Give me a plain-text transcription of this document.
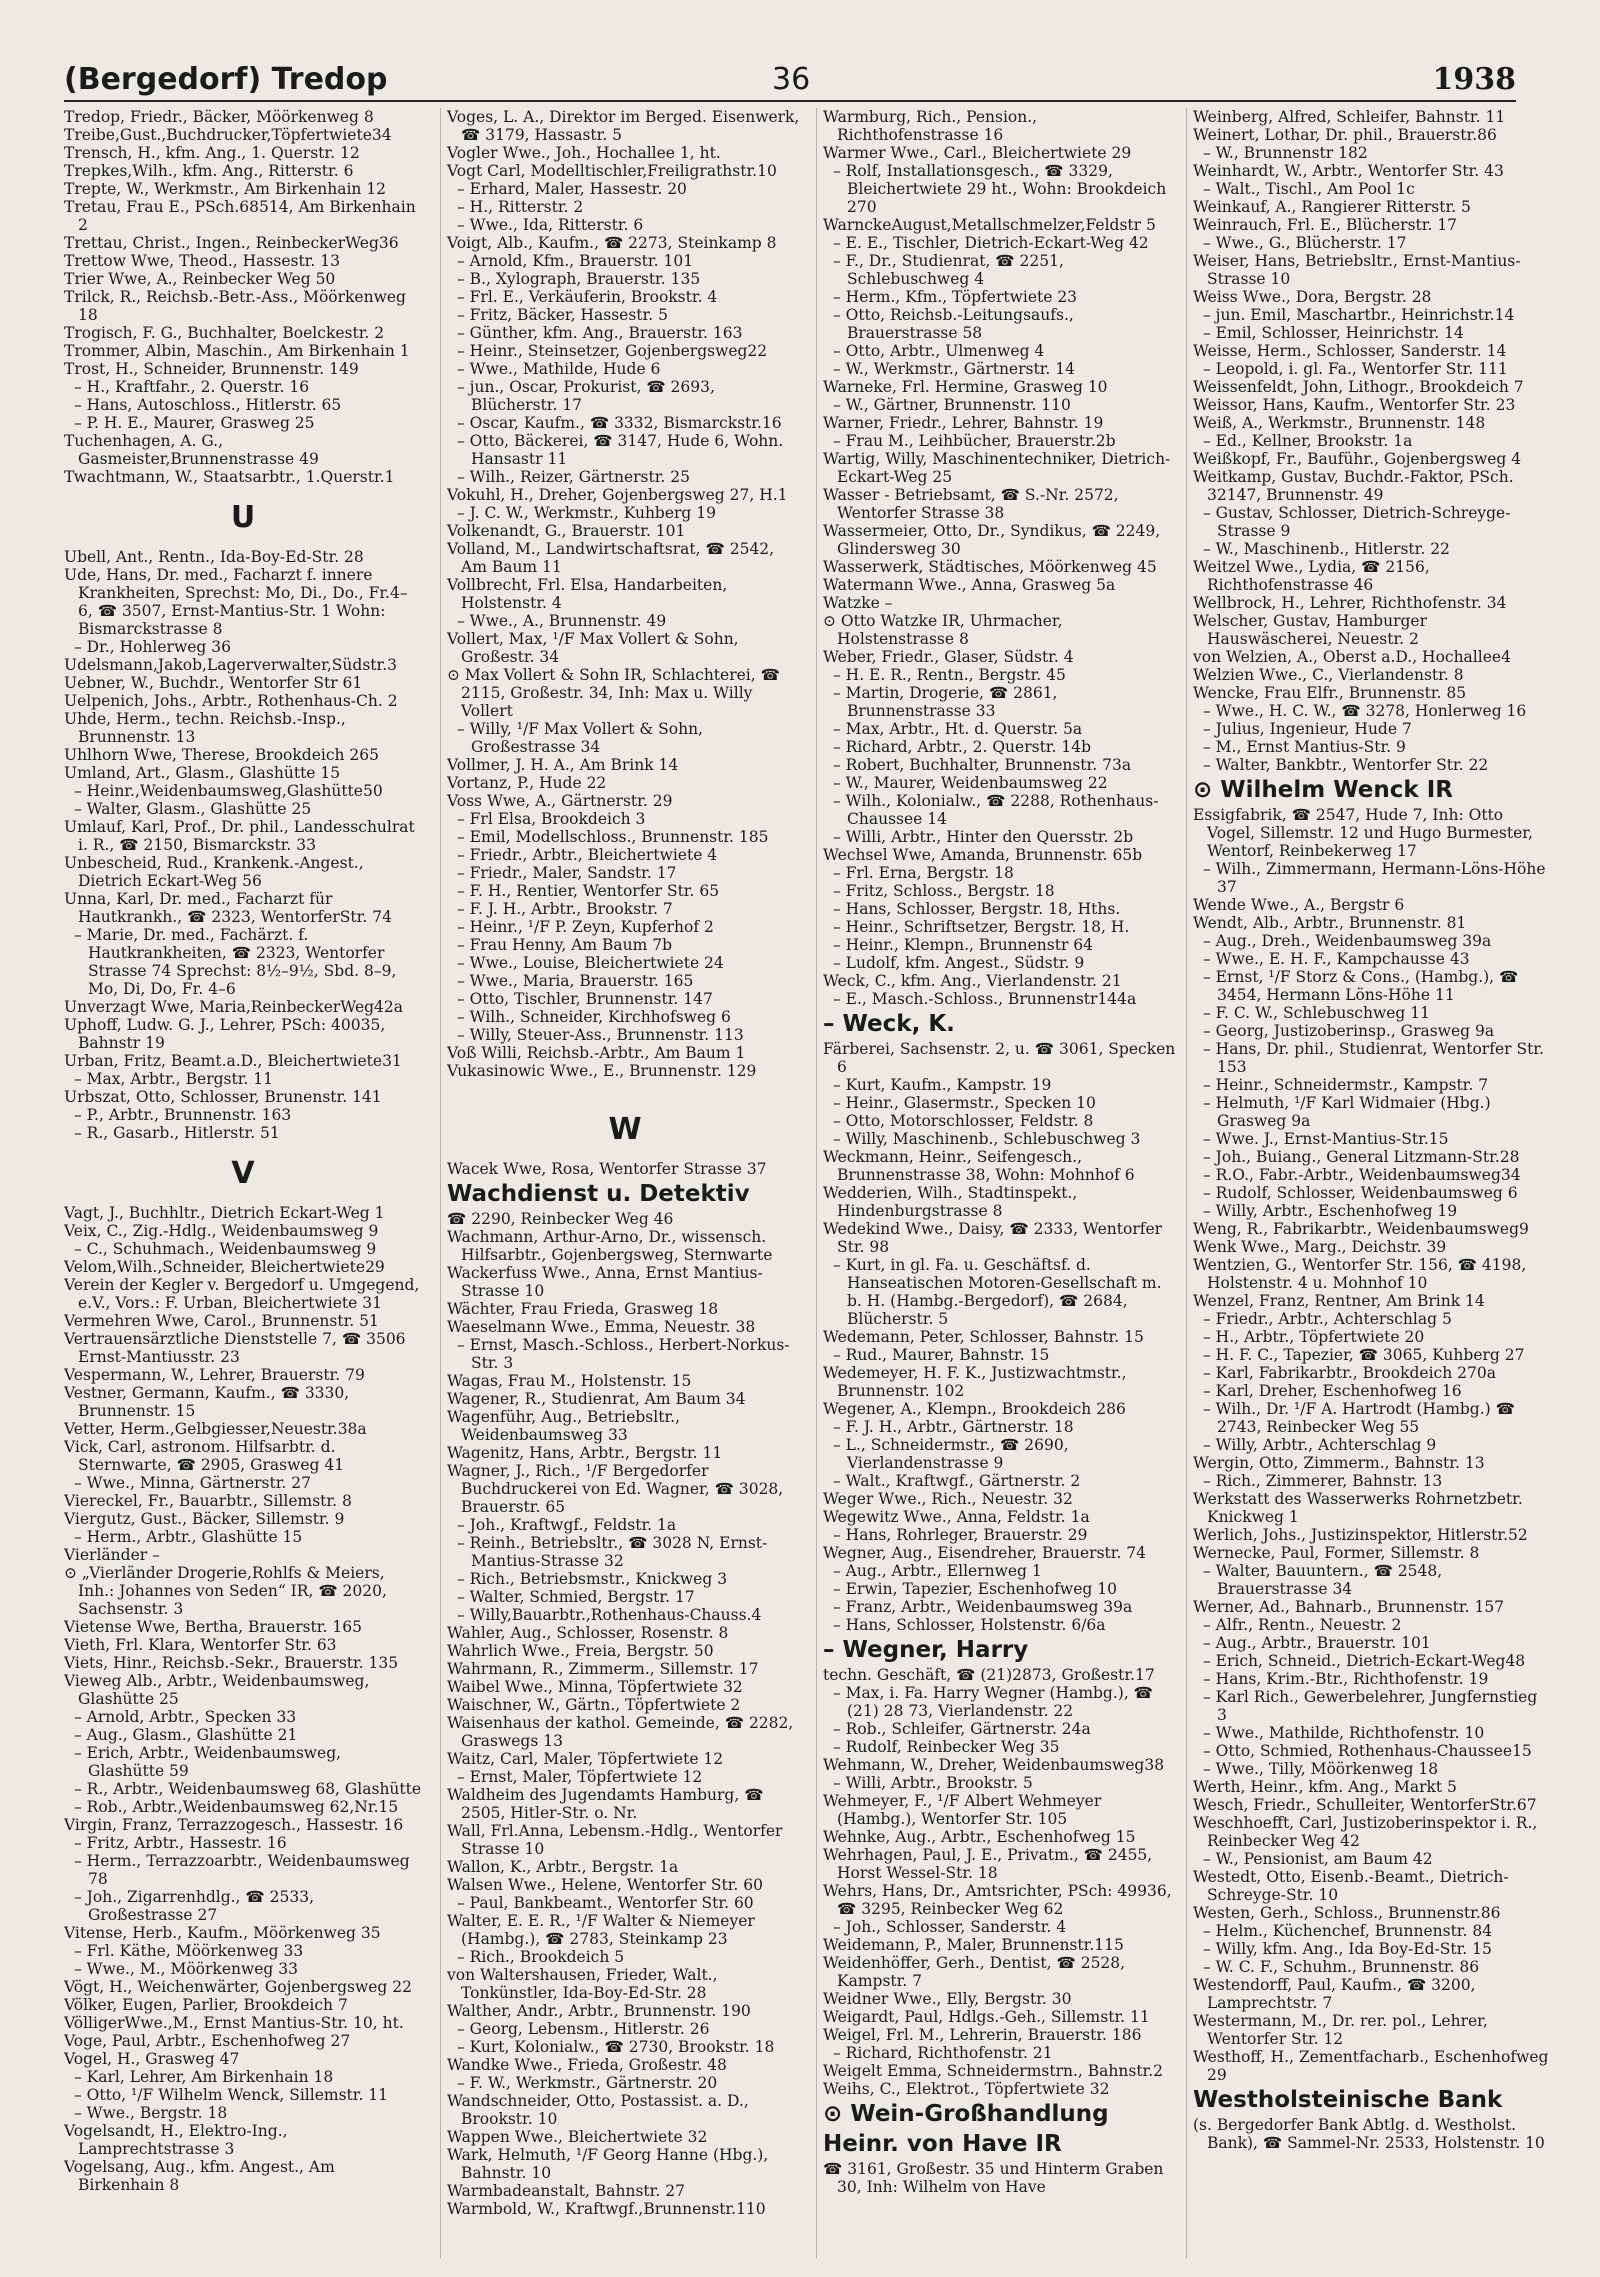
(Bergedorf) Tredop	36	1938

Tredop, Friedr., Bäcker, Möörkenweg 8

Treibe,Gust.,Buchdrucker,Töpfertwiete34

Trensch, H., kfm. Ang., 1. Querstr. 12

Trepkes,Wilh., kfm. Ang., Ritterstr. 6

Trepte, W., Werkmstr., Am Birkenhain 12

Tretau, Frau E., PSch.68514, Am Birkenhain 2

Trettau, Christ., Ingen., ReinbeckerWeg36

Trettow Wwe, Theod., Hassestr. 13

Trier Wwe, A., Reinbecker Weg 50

Trilck, R., Reichsb.-Betr.-Ass., Möörkenweg 18

Trogisch, F. G., Buchhalter, Boelckestr. 2

Trommer, Albin, Maschin., Am Birkenhain 1

Trost, H., Schneider, Brunnenstr. 149

– H., Kraftfahr., 2. Querstr. 16

– Hans, Autoschloss., Hitlerstr. 65

– P. H. E., Maurer, Grasweg 25

Tuchenhagen, A. G., Gasmeister,Brunnenstrasse 49

Twachtmann, W., Staatsarbtr., 1.Querstr.1

U

Ubell, Ant., Rentn., Ida-Boy-Ed-Str. 28

Ude, Hans, Dr. med., Facharzt f. innere Krankheiten, Sprechst: Mo, Di., Do., Fr.4–6, ☎ 3507, Ernst-Mantius-Str. 1 Wohn: Bismarckstrasse 8

– Dr., Hohlerweg 36

Udelsmann,Jakob,Lagerverwalter,Südstr.3

Uebner, W., Buchdr., Wentorfer Str 61

Uelpenich, Johs., Arbtr., Rothenhaus-Ch. 2

Uhde, Herm., techn. Reichsb.-Insp., Brunnenstr. 13

Uhlhorn Wwe, Therese, Brookdeich 265

Umland, Art., Glasm., Glashütte 15

– Heinr.,Weidenbaumsweg,Glashütte50

– Walter, Glasm., Glashütte 25

Umlauf, Karl, Prof., Dr. phil., Landesschulrat i. R., ☎ 2150, Bismarckstr. 33

Unbescheid, Rud., Krankenk.-Angest., Dietrich Eckart-Weg 56

Unna, Karl, Dr. med., Facharzt für Hautkrankh., ☎ 2323, WentorferStr. 74

– Marie, Dr. med., Fachärzt. f. Hautkrankheiten, ☎ 2323, Wentorfer Strasse 74 Sprechst: 8½–9½, Sbd. 8–9, Mo, Di, Do, Fr. 4–6

Unverzagt Wwe, Maria,ReinbeckerWeg42a

Uphoff, Ludw. G. J., Lehrer, PSch: 40035, Bahnstr 19

Urban, Fritz, Beamt.a.D., Bleichertwiete31

– Max, Arbtr., Bergstr. 11

Urbszat, Otto, Schlosser, Brunenstr. 141

– P., Arbtr., Brunnenstr. 163

– R., Gasarb., Hitlerstr. 51

V

Vagt, J., Buchhltr., Dietrich Eckart-Weg 1

Veix, C., Zig.-Hdlg., Weidenbaumsweg 9

– C., Schuhmach., Weidenbaumsweg 9

Velom,Wilh.,Schneider, Bleichertwiete29

Verein der Kegler v. Bergedorf u. Umgegend, e.V., Vors.: F. Urban, Bleichertwiete 31

Vermehren Wwe, Carol., Brunnenstr. 51

Vertrauensärztliche Dienststelle 7, ☎ 3506 Ernst-Mantiusstr. 23

Vespermann, W., Lehrer, Brauerstr. 79

Vestner, Germann, Kaufm., ☎ 3330, Brunnenstr. 15

Vetter, Herm.,Gelbgiesser,Neuestr.38a

Vick, Carl, astronom. Hilfsarbtr. d. Sternwarte, ☎ 2905, Grasweg 41

– Wwe., Minna, Gärtnerstr. 27

Viereckel, Fr., Bauarbtr., Sillemstr. 8

Viergutz, Gust., Bäcker, Sillemstr. 9

– Herm., Arbtr., Glashütte 15

Vierländer –

⊙ „Vierländer Drogerie,Rohlfs & Meiers, Inh.: Johannes von Seden“ IR, ☎ 2020, Sachsenstr. 3

Vietense Wwe, Bertha, Brauerstr. 165

Vieth, Frl. Klara, Wentorfer Str. 63

Viets, Hinr., Reichsb.-Sekr., Brauerstr. 135

Vieweg Alb., Arbtr., Weidenbaumsweg, Glashütte 25

– Arnold, Arbtr., Specken 33

– Aug., Glasm., Glashütte 21

– Erich, Arbtr., Weidenbaumsweg, Glashütte 59

– R., Arbtr., Weidenbaumsweg 68, Glashütte

– Rob., Arbtr.,Weidenbaumsweg 62,Nr.15

Virgin, Franz, Terrazzogesch., Hassestr. 16

– Fritz, Arbtr., Hassestr. 16

– Herm., Terrazzoarbtr., Weidenbaumsweg 78

– Joh., Zigarrenhdlg., ☎ 2533, Großestrasse 27

Vitense, Herb., Kaufm., Möörkenweg 35

– Frl. Käthe, Möörkenweg 33

– Wwe., M., Möörkenweg 33

Vögt, H., Weichenwärter, Gojenbergsweg 22

Völker, Eugen, Parlier, Brookdeich 7

VölligerWwe.,M., Ernst Mantius-Str. 10, ht.

Voge, Paul, Arbtr., Eschenhofweg 27

Vogel, H., Grasweg 47

– Karl, Lehrer, Am Birkenhain 18

– Otto, ¹/F Wilhelm Wenck, Sillemstr. 11

– Wwe., Bergstr. 18

Vogelsandt, H., Elektro-Ing., Lamprechtstrasse 3

Vogelsang, Aug., kfm. Angest., Am Birkenhain 8

Voges, L. A., Direktor im Berged. Eisenwerk, ☎ 3179, Hassastr. 5

Vogler Wwe., Joh., Hochallee 1, ht.

Vogt Carl, Modelltischler,Freiligrathstr.10

– Erhard, Maler, Hassestr. 20

– H., Ritterstr. 2

– Wwe., Ida, Ritterstr. 6

Voigt, Alb., Kaufm., ☎ 2273, Steinkamp 8

– Arnold, Kfm., Brauerstr. 101

– B., Xylograph, Brauerstr. 135

– Frl. E., Verkäuferin, Brookstr. 4

– Fritz, Bäcker, Hassestr. 5

– Günther, kfm. Ang., Brauerstr. 163

– Heinr., Steinsetzer, Gojenbergsweg22

– Wwe., Mathilde, Hude 6

– jun., Oscar, Prokurist, ☎ 2693, Blücherstr. 17

– Oscar, Kaufm., ☎ 3332, Bismarckstr.16

– Otto, Bäckerei, ☎ 3147, Hude 6, Wohn. Hansastr 11

– Wilh., Reizer, Gärtnerstr. 25

Vokuhl, H., Dreher, Gojenbergsweg 27, H.1

– J. C. W., Werkmstr., Kuhberg 19

Volkenandt, G., Brauerstr. 101

Volland, M., Landwirtschaftsrat, ☎ 2542, Am Baum 11

Vollbrecht, Frl. Elsa, Handarbeiten, Holstenstr. 4

– Wwe., A., Brunnenstr. 49

Vollert, Max, ¹/F Max Vollert & Sohn, Großestr. 34

⊙ Max Vollert & Sohn IR, Schlachterei, ☎ 2115, Großestr. 34, Inh: Max u. Willy Vollert

– Willy, ¹/F Max Vollert & Sohn, Großestrasse 34

Vollmer, J. H. A., Am Brink 14

Vortanz, P., Hude 22

Voss Wwe, A., Gärtnerstr. 29

– Frl Elsa, Brookdeich 3

– Emil, Modellschloss., Brunnenstr. 185

– Friedr., Arbtr., Bleichertwiete 4

– Friedr., Maler, Sandstr. 17

– F. H., Rentier, Wentorfer Str. 65

– F. J. H., Arbtr., Brookstr. 7

– Heinr., ¹/F P. Zeyn, Kupferhof 2

– Frau Henny, Am Baum 7b

– Wwe., Louise, Bleichertwiete 24

– Wwe., Maria, Brauerstr. 165

– Otto, Tischler, Brunnenstr. 147

– Wilh., Schneider, Kirchhofsweg 6

– Willy, Steuer-Ass., Brunnenstr. 113

Voß Willi, Reichsb.-Arbtr., Am Baum 1

Vukasinowic Wwe., E., Brunnenstr. 129

W

Wacek Wwe, Rosa, Wentorfer Strasse 37

Wachdienst u. Detektiv

☎ 2290, Reinbecker Weg 46

Wachmann, Arthur-Arno, Dr., wissensch. Hilfsarbtr., Gojenbergsweg, Sternwarte

Wackerfuss Wwe., Anna, Ernst Mantius-Strasse 10

Wächter, Frau Frieda, Grasweg 18

Waeselmann Wwe., Emma, Neuestr. 38

– Ernst, Masch.-Schloss., Herbert-Norkus-Str. 3

Wagas, Frau M., Holstenstr. 15

Wagener, R., Studienrat, Am Baum 34

Wagenführ, Aug., Betriebsltr., Weidenbaumsweg 33

Wagenitz, Hans, Arbtr., Bergstr. 11

Wagner, J., Rich., ¹/F Bergedorfer Buchdruckerei von Ed. Wagner, ☎ 3028, Brauerstr. 65

– Joh., Kraftwgf., Feldstr. 1a

– Reinh., Betriebsltr., ☎ 3028 N, Ernst-Mantius-Strasse 32

– Rich., Betriebsmstr., Knickweg 3

– Walter, Schmied, Bergstr. 17

– Willy,Bauarbtr.,Rothenhaus-Chauss.4

Wahler, Aug., Schlosser, Rosenstr. 8

Wahrlich Wwe., Freia, Bergstr. 50

Wahrmann, R., Zimmerm., Sillemstr. 17

Waibel Wwe., Minna, Töpfertwiete 32

Waischner, W., Gärtn., Töpfertwiete 2

Waisenhaus der kathol. Gemeinde, ☎ 2282, Graswegs 13

Waitz, Carl, Maler, Töpfertwiete 12

– Ernst, Maler, Töpfertwiete 12

Waldheim des Jugendamts Hamburg, ☎ 2505, Hitler-Str. o. Nr.

Wall, Frl.Anna, Lebensm.-Hdlg., Wentorfer Strasse 10

Wallon, K., Arbtr., Bergstr. 1a

Walsen Wwe., Helene, Wentorfer Str. 60

– Paul, Bankbeamt., Wentorfer Str. 60

Walter, E. E. R., ¹/F Walter & Niemeyer (Hambg.), ☎ 2783, Steinkamp 23

– Rich., Brookdeich 5

von Waltershausen, Frieder, Walt., Tonkünstler, Ida-Boy-Ed-Str. 28

Walther, Andr., Arbtr., Brunnenstr. 190

– Georg, Lebensm., Hitlerstr. 26

– Kurt, Kolonialw., ☎ 2730, Brookstr. 18

Wandke Wwe., Frieda, Großestr. 48

– F. W., Werkmstr., Gärtnerstr. 20

Wandschneider, Otto, Postassist. a. D., Brookstr. 10

Wappen Wwe., Bleichertwiete 32

Wark, Helmuth, ¹/F Georg Hanne (Hbg.), Bahnstr. 10

Warmbadeanstalt, Bahnstr. 27

Warmbold, W., Kraftwgf.,Brunnenstr.110

Warmburg, Rich., Pension., Richthofenstrasse 16

Warmer Wwe., Carl., Bleichertwiete 29

– Rolf, Installationsgesch., ☎ 3329, Bleichertwiete 29 ht., Wohn: Brookdeich 270

WarnckeAugust,Metallschmelzer,Feldstr 5

– E. E., Tischler, Dietrich-Eckart-Weg 42

– F., Dr., Studienrat, ☎ 2251, Schlebuschweg 4

– Herm., Kfm., Töpfertwiete 23

– Otto, Reichsb.-Leitungsaufs., Brauerstrasse 58

– Otto, Arbtr., Ulmenweg 4

– W., Werkmstr., Gärtnerstr. 14

Warneke, Frl. Hermine, Grasweg 10

– W., Gärtner, Brunnenstr. 110

Warner, Friedr., Lehrer, Bahnstr. 19

– Frau M., Leihbücher, Brauerstr.2b

Wartig, Willy, Maschinentechniker, Dietrich-Eckart-Weg 25

Wasser - Betriebsamt, ☎ S.-Nr. 2572, Wentorfer Strasse 38

Wassermeier, Otto, Dr., Syndikus, ☎ 2249, Glindersweg 30

Wasserwerk, Städtisches, Möörkenweg 45

Watermann Wwe., Anna, Grasweg 5a

Watzke –

⊙ Otto Watzke IR, Uhrmacher, Holstenstrasse 8

Weber, Friedr., Glaser, Südstr. 4

– H. E. R., Rentn., Bergstr. 45

– Martin, Drogerie, ☎ 2861, Brunnenstrasse 33

– Max, Arbtr., Ht. d. Querstr. 5a

– Richard, Arbtr., 2. Querstr. 14b

– Robert, Buchhalter, Brunnenstr. 73a

– W., Maurer, Weidenbaumsweg 22

– Wilh., Kolonialw., ☎ 2288, Rothenhaus-Chaussee 14

– Willi, Arbtr., Hinter den Quersstr. 2b

Wechsel Wwe, Amanda, Brunnenstr. 65b

– Frl. Erna, Bergstr. 18

– Fritz, Schloss., Bergstr. 18

– Hans, Schlosser, Bergstr. 18, Hths.

– Heinr., Schriftsetzer, Bergstr. 18, H.

– Heinr., Klempn., Brunnenstr 64

– Ludolf, kfm. Angest., Südstr. 9

Weck, C., kfm. Ang., Vierlandenstr. 21

– E., Masch.-Schloss., Brunnenstr144a

– Weck, K.

Färberei, Sachsenstr. 2, u. ☎ 3061, Specken 6

– Kurt, Kaufm., Kampstr. 19

– Heinr., Glasermstr., Specken 10

– Otto, Motorschlosser, Feldstr. 8

– Willy, Maschinenb., Schlebuschweg 3

Weckmann, Heinr., Seifengesch., Brunnenstrasse 38, Wohn: Mohnhof 6

Wedderien, Wilh., Stadtinspekt., Hindenburgstrasse 8

Wedekind Wwe., Daisy, ☎ 2333, Wentorfer Str. 98

– Kurt, in gl. Fa. u. Geschäftsf. d. Hanseatischen Motoren-Gesellschaft m. b. H. (Hambg.-Bergedorf), ☎ 2684, Blücherstr. 5

Wedemann, Peter, Schlosser, Bahnstr. 15

– Rud., Maurer, Bahnstr. 15

Wedemeyer, H. F. K., Justizwachtmstr., Brunnenstr. 102

Wegener, A., Klempn., Brookdeich 286

– F. J. H., Arbtr., Gärtnerstr. 18

– L., Schneidermstr., ☎ 2690, Vierlandenstrasse 9

– Walt., Kraftwgf., Gärtnerstr. 2

Weger Wwe., Rich., Neuestr. 32

Wegewitz Wwe., Anna, Feldstr. 1a

– Hans, Rohrleger, Brauerstr. 29

Wegner, Aug., Eisendreher, Brauerstr. 74

– Aug., Arbtr., Ellernweg 1

– Erwin, Tapezier, Eschenhofweg 10

– Franz, Arbtr., Weidenbaumsweg 39a

– Hans, Schlosser, Holstenstr. 6/6a

– Wegner, Harry

techn. Geschäft, ☎ (21)2873, Großestr.17

– Max, i. Fa. Harry Wegner (Hambg.), ☎ (21) 28 73, Vierlandenstr. 22

– Rob., Schleifer, Gärtnerstr. 24a

– Rudolf, Reinbecker Weg 35

Wehmann, W., Dreher, Weidenbaumsweg38

– Willi, Arbtr., Brookstr. 5

Wehmeyer, F., ¹/F Albert Wehmeyer (Hambg.), Wentorfer Str. 105

Wehnke, Aug., Arbtr., Eschenhofweg 15

Wehrhagen, Paul, J. E., Privatm., ☎ 2455, Horst Wessel-Str. 18

Wehrs, Hans, Dr., Amtsrichter, PSch: 49936, ☎ 3295, Reinbecker Weg 62

– Joh., Schlosser, Sanderstr. 4

Weidemann, P., Maler, Brunnenstr.115

Weidenhöffer, Gerh., Dentist, ☎ 2528, Kampstr. 7

Weidner Wwe., Elly, Bergstr. 30

Weigardt, Paul, Hdlgs.-Geh., Sillemstr. 11

Weigel, Frl. M., Lehrerin, Brauerstr. 186

– Richard, Richthofenstr. 21

Weigelt Emma, Schneidermstrn., Bahnstr.2

Weihs, C., Elektrot., Töpfertwiete 32

⊙ Wein-Großhandlung
Heinr. von Have IR

☎ 3161, Großestr. 35 und Hinterm Graben 30, Inh: Wilhelm von Have

Weinberg, Alfred, Schleifer, Bahnstr. 11

Weinert, Lothar, Dr. phil., Brauerstr.86

– W., Brunnenstr 182

Weinhardt, W., Arbtr., Wentorfer Str. 43

– Walt., Tischl., Am Pool 1c

Weinkauf, A., Rangierer Ritterstr. 5

Weinrauch, Frl. E., Blücherstr. 17

– Wwe., G., Blücherstr. 17

Weiser, Hans, Betriebsltr., Ernst-Mantius-Strasse 10

Weiss Wwe., Dora, Bergstr. 28

– jun. Emil, Maschartbr., Heinrichstr.14

– Emil, Schlosser, Heinrichstr. 14

Weisse, Herm., Schlosser, Sanderstr. 14

– Leopold, i. gl. Fa., Wentorfer Str. 111

Weissenfeldt, John, Lithogr., Brookdeich 7

Weissor, Hans, Kaufm., Wentorfer Str. 23

Weiß, A., Werkmstr., Brunnenstr. 148

– Ed., Kellner, Brookstr. 1a

Weißkopf, Fr., Bauführ., Gojenbergsweg 4

Weitkamp, Gustav, Buchdr.-Faktor, PSch. 32147, Brunnenstr. 49

– Gustav, Schlosser, Dietrich-Schreyge-Strasse 9

– W., Maschinenb., Hitlerstr. 22

Weitzel Wwe., Lydia, ☎ 2156, Richthofenstrasse 46

Wellbrock, H., Lehrer, Richthofenstr. 34

Welscher, Gustav, Hamburger Hauswäscherei, Neuestr. 2

von Welzien, A., Oberst a.D., Hochallee4

Welzien Wwe., C., Vierlandenstr. 8

Wencke, Frau Elfr., Brunnenstr. 85

– Wwe., H. C. W., ☎ 3278, Honlerweg 16

– Julius, Ingenieur, Hude 7

– M., Ernst Mantius-Str. 9

– Walter, Bankbtr., Wentorfer Str. 22

⊙ Wilhelm Wenck IR

Essigfabrik, ☎ 2547, Hude 7, Inh: Otto Vogel, Sillemstr. 12 und Hugo Burmester, Wentorf, Reinbekerweg 17

– Wilh., Zimmermann, Hermann-Löns-Höhe 37

Wende Wwe., A., Bergstr 6

Wendt, Alb., Arbtr., Brunnenstr. 81

– Aug., Dreh., Weidenbaumsweg 39a

– Wwe., E. H. F., Kampchausse 43

– Ernst, ¹/F Storz & Cons., (Hambg.), ☎ 3454, Hermann Löns-Höhe 11

– F. C. W., Schlebuschweg 11

– Georg, Justizoberinsp., Grasweg 9a

– Hans, Dr. phil., Studienrat, Wentorfer Str. 153

– Heinr., Schneidermstr., Kampstr. 7

– Helmuth, ¹/F Karl Widmaier (Hbg.) Grasweg 9a

– Wwe. J., Ernst-Mantius-Str.15

– Joh., Buiang., General Litzmann-Str.28

– R.O., Fabr.-Arbtr., Weidenbaumsweg34

– Rudolf, Schlosser, Weidenbaumsweg 6

– Willy, Arbtr., Eschenhofweg 19

Weng, R., Fabrikarbtr., Weidenbaumsweg9

Wenk Wwe., Marg., Deichstr. 39

Wentzien, G., Wentorfer Str. 156, ☎ 4198, Holstenstr. 4 u. Mohnhof 10

Wenzel, Franz, Rentner, Am Brink 14

– Friedr., Arbtr., Achterschlag 5

– H., Arbtr., Töpfertwiete 20

– H. F. C., Tapezier, ☎ 3065, Kuhberg 27

– Karl, Fabrikarbtr., Brookdeich 270a

– Karl, Dreher, Eschenhofweg 16

– Wilh., Dr. ¹/F A. Hartrodt (Hambg.) ☎ 2743, Reinbecker Weg 55

– Willy, Arbtr., Achterschlag 9

Wergin, Otto, Zimmerm., Bahnstr. 13

– Rich., Zimmerer, Bahnstr. 13

Werkstatt des Wasserwerks Rohrnetzbetr. Knickweg 1

Werlich, Johs., Justizinspektor, Hitlerstr.52

Wernecke, Paul, Former, Sillemstr. 8

– Walter, Bauuntern., ☎ 2548, Brauerstrasse 34

Werner, Ad., Bahnarb., Brunnenstr. 157

– Alfr., Rentn., Neuestr. 2

– Aug., Arbtr., Brauerstr. 101

– Erich, Schneid., Dietrich-Eckart-Weg48

– Hans, Krim.-Btr., Richthofenstr. 19

– Karl Rich., Gewerbelehrer, Jungfernstieg 3

– Wwe., Mathilde, Richthofenstr. 10

– Otto, Schmied, Rothenhaus-Chaussee15

– Wwe., Tilly, Möörkenweg 18

Werth, Heinr., kfm. Ang., Markt 5

Wesch, Friedr., Schulleiter, WentorferStr.67

Weschhoefft, Carl, Justizoberinspektor i. R., Reinbecker Weg 42

– W., Pensionist, am Baum 42

Westedt, Otto, Eisenb.-Beamt., Dietrich-Schreyge-Str. 10

Westen, Gerh., Schloss., Brunnenstr.86

– Helm., Küchenchef, Brunnenstr. 84

– Willy, kfm. Ang., Ida Boy-Ed-Str. 15

– W. C. F., Schuhm., Brunnenstr. 86

Westendorff, Paul, Kaufm., ☎ 3200, Lamprechtstr. 7

Westermann, M., Dr. rer. pol., Lehrer, Wentorfer Str. 12

Westhoff, H., Zementfacharb., Eschenhofweg 29

Westholsteinische Bank

(s. Bergedorfer Bank Abtlg. d. Westholst. Bank), ☎ Sammel-Nr. 2533, Holstenstr. 10
